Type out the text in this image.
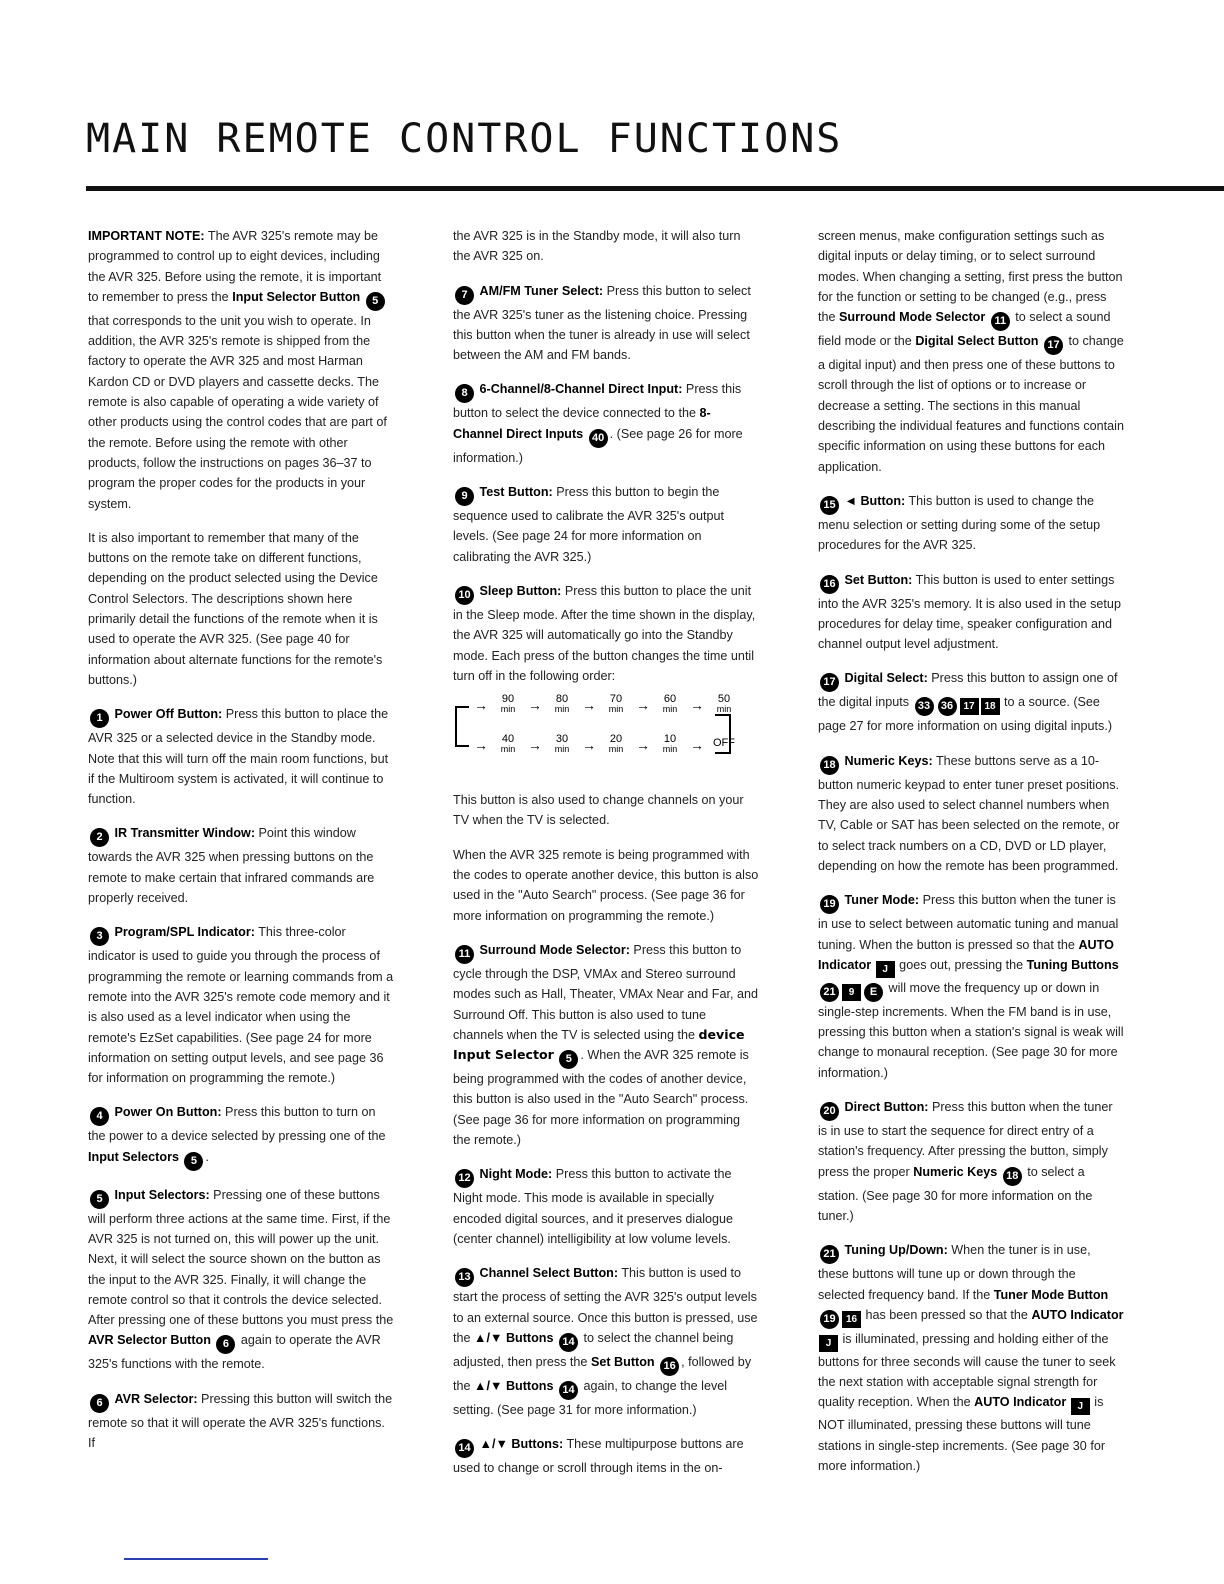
MAIN REMOTE CONTROL FUNCTIONS

IMPORTANT NOTE: The AVR 325's remote may be programmed to control up to eight devices, including the AVR 325. Before using the remote, it is important to remember to press the Input Selector Button 5 that corresponds to the unit you wish to operate. In addition, the AVR 325's remote is shipped from the factory to operate the AVR 325 and most Harman Kardon CD or DVD players and cassette decks. The remote is also capable of operating a wide variety of other products using the control codes that are part of the remote. Before using the remote with other products, follow the instructions on pages 36–37 to program the proper codes for the products in your system.

It is also important to remember that many of the buttons on the remote take on different functions, depending on the product selected using the Device Control Selectors. The descriptions shown here primarily detail the functions of the remote when it is used to operate the AVR 325. (See page 40 for information about alternate functions for the remote's buttons.)

1 Power Off Button: Press this button to place the AVR 325 or a selected device in the Standby mode. Note that this will turn off the main room functions, but if the Multiroom system is activated, it will continue to function.

2 IR Transmitter Window: Point this window towards the AVR 325 when pressing buttons on the remote to make certain that infrared commands are properly received.

3 Program/SPL Indicator: This three-color indicator is used to guide you through the process of programming the remote or learning commands from a remote into the AVR 325's remote code memory and it is also used as a level indicator when using the remote's EzSet capabilities. (See page 24 for more information on setting output levels, and see page 36 for information on programming the remote.)

4 Power On Button: Press this button to turn on the power to a device selected by pressing one of the Input Selectors 5 .

5 Input Selectors: Pressing one of these buttons will perform three actions at the same time. First, if the AVR 325 is not turned on, this will power up the unit. Next, it will select the source shown on the button as the input to the AVR 325. Finally, it will change the remote control so that it controls the device selected. After pressing one of these buttons you must press the AVR Selector Button 6 again to operate the AVR 325's functions with the remote.

6 AVR Selector: Pressing this button will switch the remote so that it will operate the AVR 325's functions. If

the AVR 325 is in the Standby mode, it will also turn the AVR 325 on.

7 AM/FM Tuner Select: Press this button to select the AVR 325's tuner as the listening choice. Pressing this button when the tuner is already in use will select between the AM and FM bands.

8 6-Channel/8-Channel Direct Input: Press this button to select the device connected to the 8-Channel Direct Inputs 40 . (See page 26 for more information.)

9 Test Button: Press this button to begin the sequence used to calibrate the AVR 325's output levels. (See page 24 for more information on calibrating the AVR 325.)

10 Sleep Button: Press this button to place the unit in the Sleep mode. After the time shown in the display, the AVR 325 will automatically go into the Standby mode. Each press of the button changes the time until turn off in the following order:

→	90
min →	80
min →	70
min →	60
min →	50
min
→	40
min →	30
min →	20
min →	10
min → OFF

This button is also used to change channels on your TV when the TV is selected.

When the AVR 325 remote is being programmed with the codes to operate another device, this button is also used in the "Auto Search" process. (See page 36 for more information on programming the remote.)

11 Surround Mode Selector: Press this button to cycle through the DSP, VMAx and Stereo surround modes such as Hall, Theater, VMAx Near and Far, and Surround Off. This button is also used to tune channels when the TV is selected using the device Input Selector 5 . When the AVR 325 remote is being programmed with the codes of another device, this button is also used in the "Auto Search" process. (See page 36 for more information on programming the remote.)

12 Night Mode: Press this button to activate the Night mode. This mode is available in specially encoded digital sources, and it preserves dialogue (center channel) intelligibility at low volume levels.

13 Channel Select Button: This button is used to start the process of setting the AVR 325's output levels to an external source. Once this button is pressed, use the ▲/▼ Buttons 14 to select the channel being adjusted, then press the Set Button 16 , followed by the ▲/▼ Buttons 14 again, to change the level setting. (See page 31 for more information.)

14 ▲/▼ Buttons: These multipurpose buttons are used to change or scroll through items in the on-

screen menus, make configuration settings such as digital inputs or delay timing, or to select surround modes. When changing a setting, first press the button for the function or setting to be changed (e.g., press the Surround Mode Selector 11 to select a sound field mode or the Digital Select Button 17 to change a digital input) and then press one of these buttons to scroll through the list of options or to increase or decrease a setting. The sections in this manual describing the individual features and functions contain specific information on using these buttons for each application.

15 ◄ Button: This button is used to change the menu selection or setting during some of the setup procedures for the AVR 325.

16 Set Button: This button is used to enter settings into the AVR 325's memory. It is also used in the setup procedures for delay time, speaker configuration and channel output level adjustment.

17 Digital Select: Press this button to assign one of the digital inputs 33 36 17 18 to a source. (See page 27 for more information on using digital inputs.)

18 Numeric Keys: These buttons serve as a 10-button numeric keypad to enter tuner preset positions. They are also used to select channel numbers when TV, Cable or SAT has been selected on the remote, or to select track numbers on a CD, DVD or LD player, depending on how the remote has been programmed.

19 Tuner Mode: Press this button when the tuner is in use to select between automatic tuning and manual tuning. When the button is pressed so that the AUTO Indicator J goes out, pressing the Tuning Buttons 21 9 E will move the frequency up or down in single-step increments. When the FM band is in use, pressing this button when a station's signal is weak will change to monaural reception. (See page 30 for more information.)

20 Direct Button: Press this button when the tuner is in use to start the sequence for direct entry of a station's frequency. After pressing the button, simply press the proper Numeric Keys 18 to select a station. (See page 30 for more information on the tuner.)

21 Tuning Up/Down: When the tuner is in use, these buttons will tune up or down through the selected frequency band. If the Tuner Mode Button 19 16 has been pressed so that the AUTO Indicator J is illuminated, pressing and holding either of the buttons for three seconds will cause the tuner to seek the next station with acceptable signal strength for quality reception. When the AUTO Indicator J is NOT illuminated, pressing these buttons will tune stations in single-step increments. (See page 30 for more information.)
